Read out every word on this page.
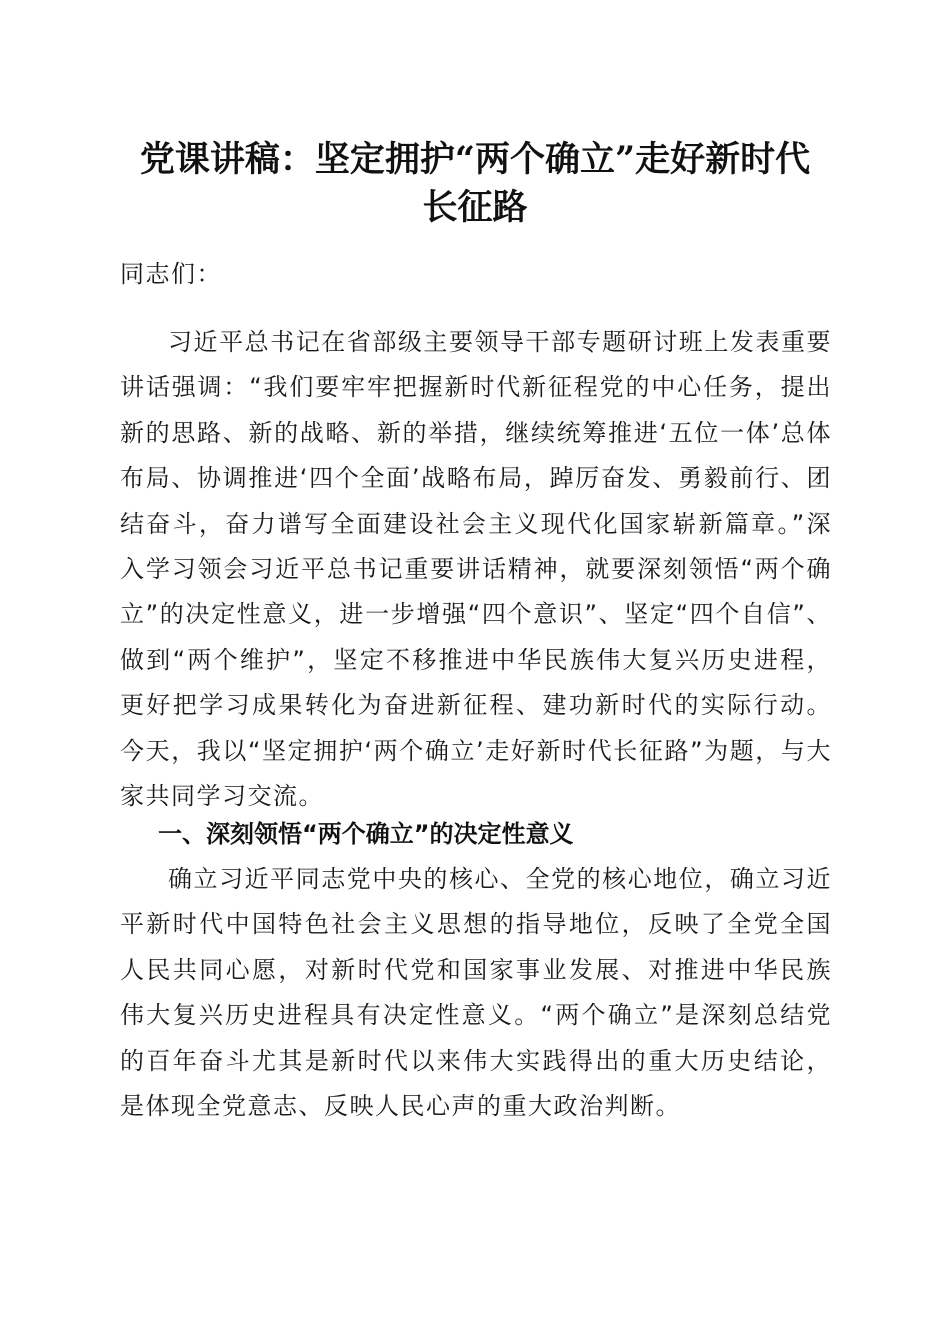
党课讲稿：坚定拥护“两个确立”走好新时代
长征路

同志们：

习近平总书记在省部级主要领导干部专题研讨班上发表重要讲话强调：“我们要牢牢把握新时代新征程党的中心任务，提出新的思路、新的战略、新的举措，继续统筹推进‘五位一体’总体布局、协调推进‘四个全面’战略布局，踔厉奋发、勇毅前行、团结奋斗，奋力谱写全面建设社会主义现代化国家崭新篇章。”深入学习领会习近平总书记重要讲话精神，就要深刻领悟“两个确立”的决定性意义，进一步增强“四个意识”、坚定“四个自信”、做到“两个维护”，坚定不移推进中华民族伟大复兴历史进程，更好把学习成果转化为奋进新征程、建功新时代的实际行动。今天，我以“坚定拥护‘两个确立’走好新时代长征路”为题，与大家共同学习交流。

一、深刻领悟“两个确立”的决定性意义

确立习近平同志党中央的核心、全党的核心地位，确立习近平新时代中国特色社会主义思想的指导地位，反映了全党全国人民共同心愿，对新时代党和国家事业发展、对推进中华民族伟大复兴历史进程具有决定性意义。“两个确立”是深刻总结党的百年奋斗尤其是新时代以来伟大实践得出的重大历史结论，是体现全党意志、反映人民心声的重大政治判断。
